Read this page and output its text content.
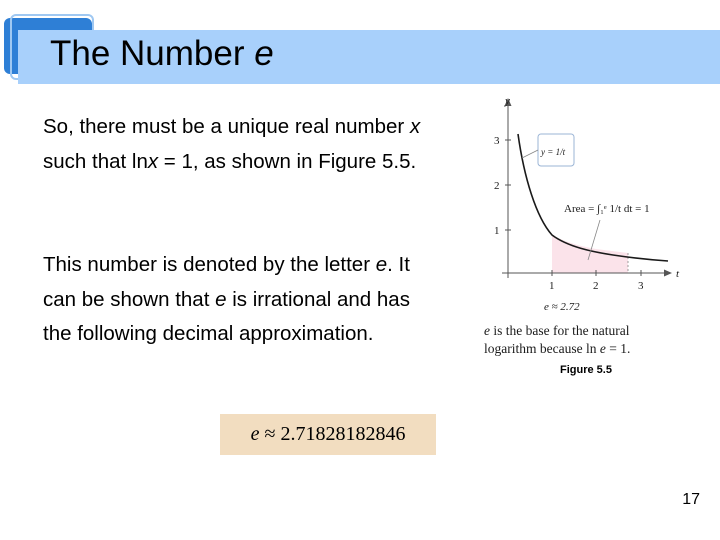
The Number e

So, there must be a unique real number x such that lnx = 1, as shown in Figure 5.5.

This number is denoted by the letter e. It can be shown that e is irrational and has the following decimal approximation.

e ≈ 2.71828182846
1
2
3
1	2	3
y
t
y = 1/t
Area = ∫₁ᵉ 1/t dt = 1
e ≈ 2.72

e is the base for the natural logarithm because ln e = 1.

Figure 5.5
17
